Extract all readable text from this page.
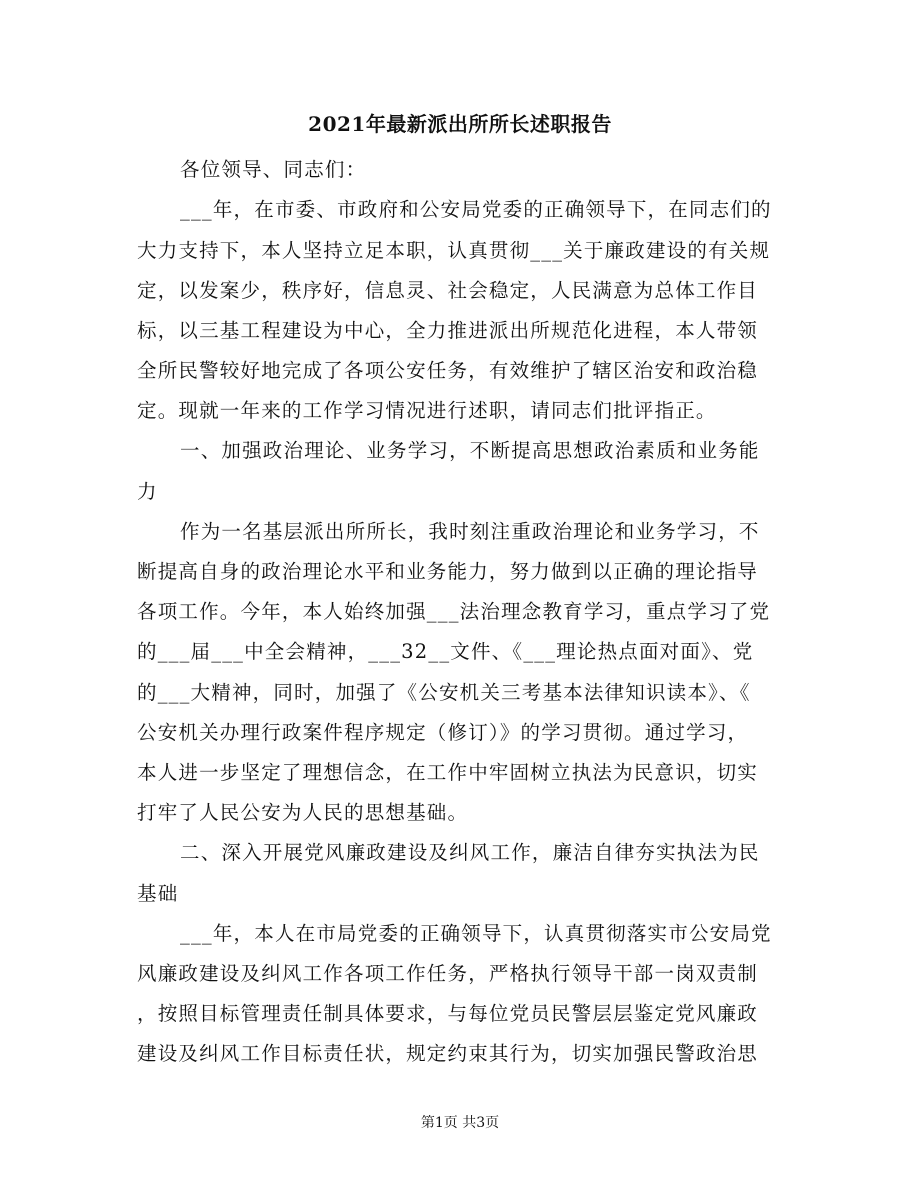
2021年最新派出所所长述职报告
各位领导、同志们：
___年，在市委、市政府和公安局党委的正确领导下，在同志们的
大力支持下，本人坚持立足本职，认真贯彻___关于廉政建设的有关规
定，以发案少，秩序好，信息灵、社会稳定，人民满意为总体工作目
标，以三基工程建设为中心，全力推进派出所规范化进程，本人带领
全所民警较好地完成了各项公安任务，有效维护了辖区治安和政治稳
定。现就一年来的工作学习情况进行述职，请同志们批评指正。
一、加强政治理论、业务学习，不断提高思想政治素质和业务能
力
作为一名基层派出所所长，我时刻注重政治理论和业务学习，不
断提高自身的政治理论水平和业务能力，努力做到以正确的理论指导
各项工作。今年，本人始终加强___法治理念教育学习，重点学习了党
的___届___中全会精神，___32__文件、《___理论热点面对面》、党
的___大精神，同时，加强了《公安机关三考基本法律知识读本》、《
公安机关办理行政案件程序规定（修订）》的学习贯彻。通过学习，
本人进一步坚定了理想信念，在工作中牢固树立执法为民意识，切实
打牢了人民公安为人民的思想基础。
二、深入开展党风廉政建设及纠风工作，廉洁自律夯实执法为民
基础
___年，本人在市局党委的正确领导下，认真贯彻落实市公安局党
风廉政建设及纠风工作各项工作任务，严格执行领导干部一岗双责制
，按照目标管理责任制具体要求，与每位党员民警层层鉴定党风廉政
建设及纠风工作目标责任状，规定约束其行为，切实加强民警政治思
第1页 共3页
